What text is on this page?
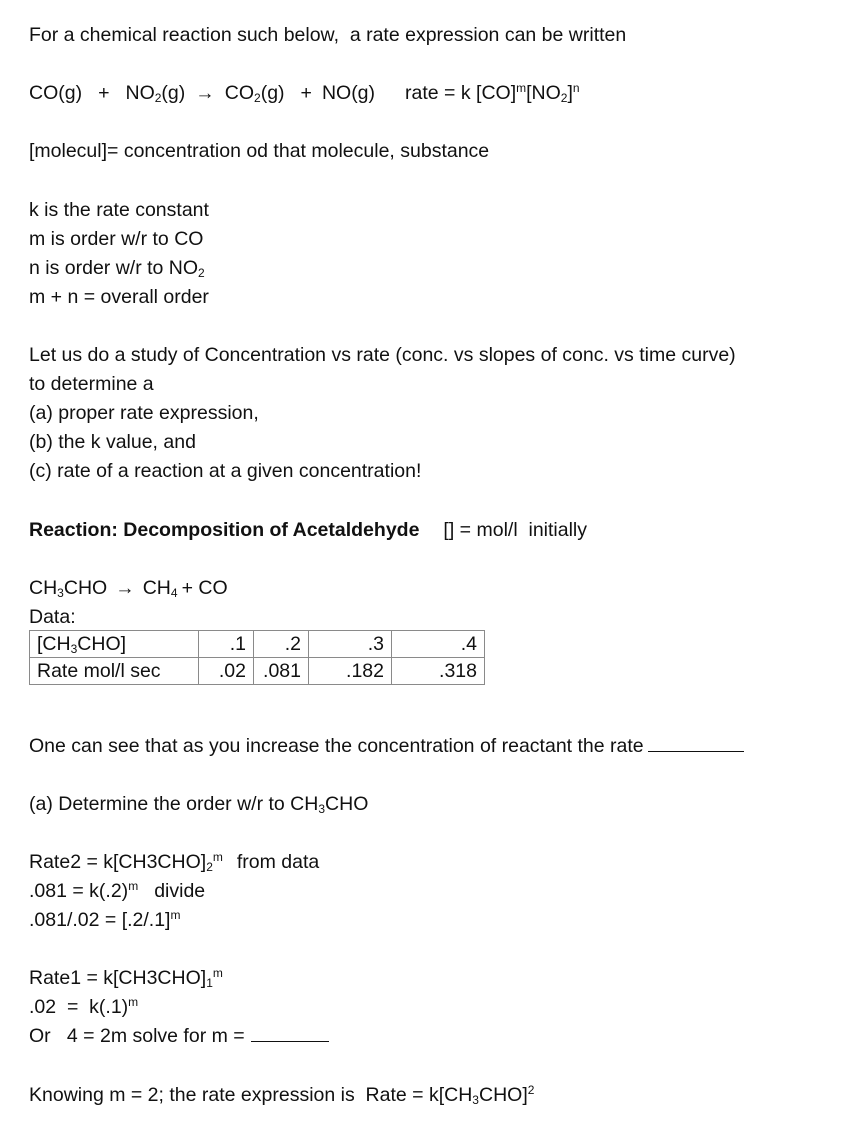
For a chemical reaction such below,  a rate expression can be written
$CO(g) + NO_2(g) \to CO_2(g) + NO(g)$ rate = k $[CO]^m[NO_2]^n$
[molecul]= concentration od that molecule, substance
k is the rate constant
m is order w/r to CO
n is order w/r to $NO_2$
m + n = overall order
Let us do a study of Concentration vs rate (conc. vs slopes of conc. vs time curve)
to determine a
(a) proper rate expression,
(b) the k value, and
(c) rate of a reaction at a given concentration!
Reaction: Decomposition of Acetaldehyde [] = mol/l  initially
$CH_3CHO \to CH_4$ + CO
Data:
$[CH_3CHO]$	.1	.2	.3	.4
Rate mol/l sec	.02	.081	.182	.318
One can see that as you increase the concentration of reactant the rate
(a) Determine the order w/r to $CH_3CHO$
Rate2 = $k[CH3CHO]_2^m$ from data
$.081 = k(.2)^m$ divide
$.081/.02 = [.2/.1]^m$
Rate1 = $k[CH3CHO]_1^m$
$.02 = k(.1)^m$
Or   4 = 2m solve for m =
Knowing m = 2; the rate expression is  Rate = $k[CH_3CHO]^2$
